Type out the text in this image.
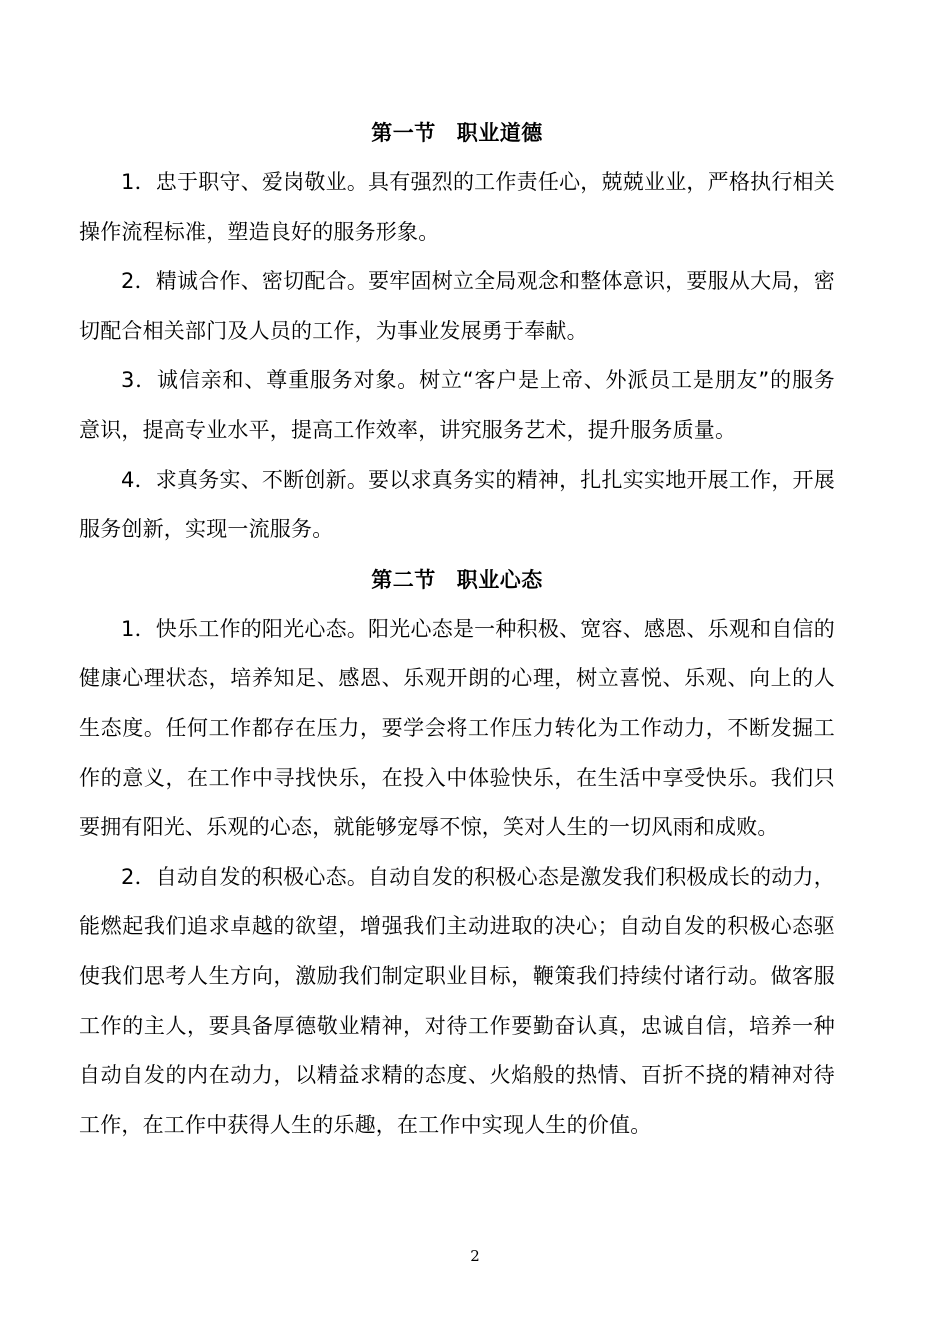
第一节 职业道德

1．忠于职守、爱岗敬业。具有强烈的工作责任心，兢兢业业，严格执行相关操作流程标准，塑造良好的服务形象。

2．精诚合作、密切配合。要牢固树立全局观念和整体意识，要服从大局，密切配合相关部门及人员的工作，为事业发展勇于奉献。

3．诚信亲和、尊重服务对象。树立“客户是上帝、外派员工是朋友”的服务意识，提高专业水平，提高工作效率，讲究服务艺术，提升服务质量。

4．求真务实、不断创新。要以求真务实的精神，扎扎实实地开展工作，开展服务创新，实现一流服务。

第二节 职业心态

1．快乐工作的阳光心态。阳光心态是一种积极、宽容、感恩、乐观和自信的健康心理状态，培养知足、感恩、乐观开朗的心理，树立喜悦、乐观、向上的人生态度。任何工作都存在压力，要学会将工作压力转化为工作动力，不断发掘工作的意义，在工作中寻找快乐，在投入中体验快乐，在生活中享受快乐。我们只要拥有阳光、乐观的心态，就能够宠辱不惊，笑对人生的一切风雨和成败。

2．自动自发的积极心态。自动自发的积极心态是激发我们积极成长的动力，能燃起我们追求卓越的欲望，增强我们主动进取的决心；自动自发的积极心态驱使我们思考人生方向，激励我们制定职业目标，鞭策我们持续付诸行动。做客服工作的主人，要具备厚德敬业精神，对待工作要勤奋认真，忠诚自信，培养一种自动自发的内在动力，以精益求精的态度、火焰般的热情、百折不挠的精神对待工作，在工作中获得人生的乐趣，在工作中实现人生的价值。

2
